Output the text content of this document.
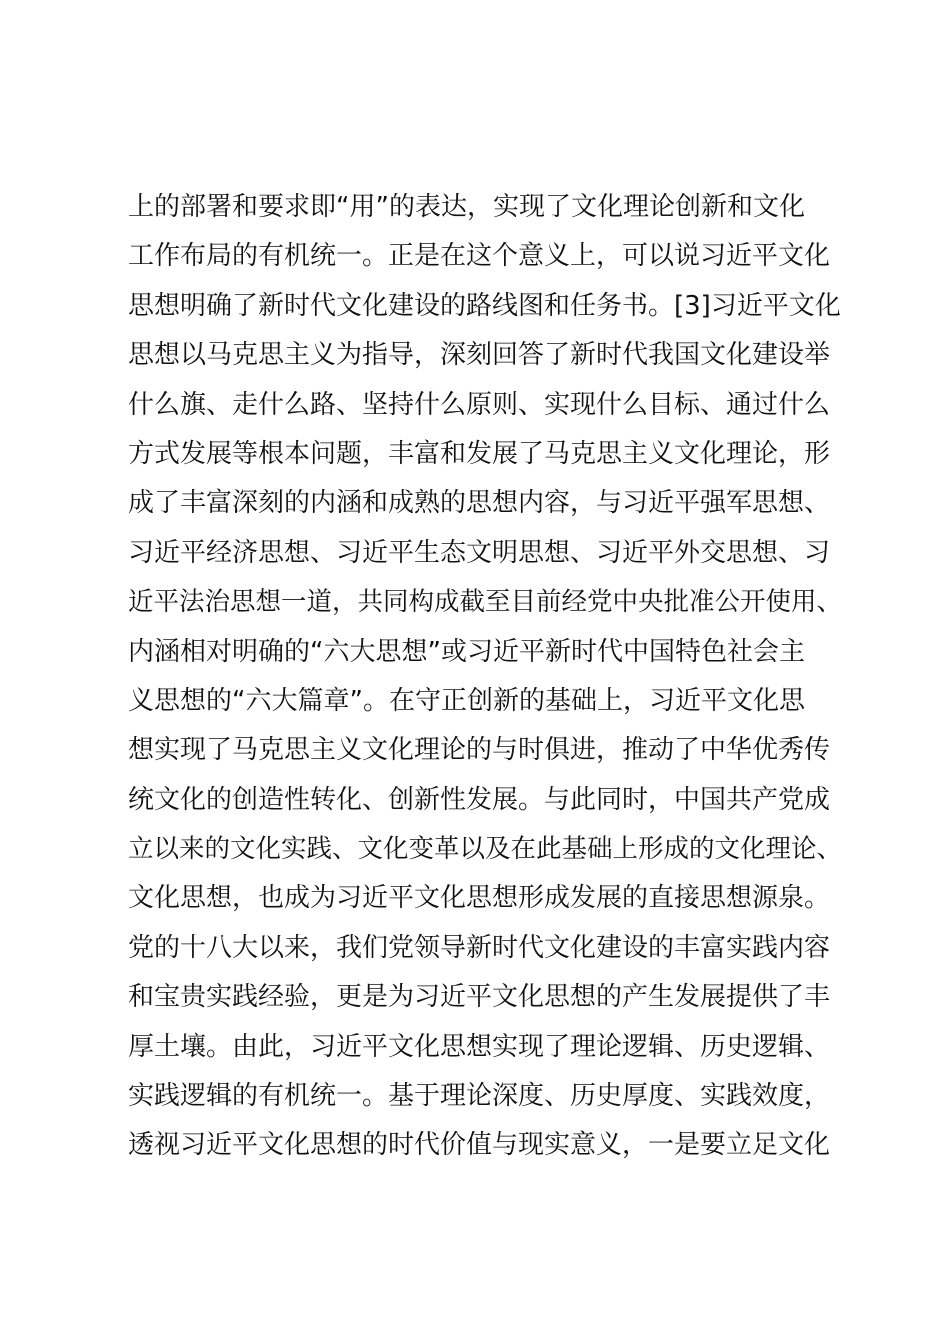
上的部署和要求即“用”的表达，实现了文化理论创新和文化
工作布局的有机统一。正是在这个意义上，可以说习近平文化
思想明确了新时代文化建设的路线图和任务书。[3]习近平文化
思想以马克思主义为指导，深刻回答了新时代我国文化建设举
什么旗、走什么路、坚持什么原则、实现什么目标、通过什么
方式发展等根本问题，丰富和发展了马克思主义文化理论，形
成了丰富深刻的内涵和成熟的思想内容，与习近平强军思想、
习近平经济思想、习近平生态文明思想、习近平外交思想、习
近平法治思想一道，共同构成截至目前经党中央批准公开使用、
内涵相对明确的“六大思想”或习近平新时代中国特色社会主
义思想的“六大篇章”。在守正创新的基础上，习近平文化思
想实现了马克思主义文化理论的与时俱进，推动了中华优秀传
统文化的创造性转化、创新性发展。与此同时，中国共产党成
立以来的文化实践、文化变革以及在此基础上形成的文化理论、
文化思想，也成为习近平文化思想形成发展的直接思想源泉。
党的十八大以来，我们党领导新时代文化建设的丰富实践内容
和宝贵实践经验，更是为习近平文化思想的产生发展提供了丰
厚土壤。由此，习近平文化思想实现了理论逻辑、历史逻辑、
实践逻辑的有机统一。基于理论深度、历史厚度、实践效度，
透视习近平文化思想的时代价值与现实意义，一是要立足文化
